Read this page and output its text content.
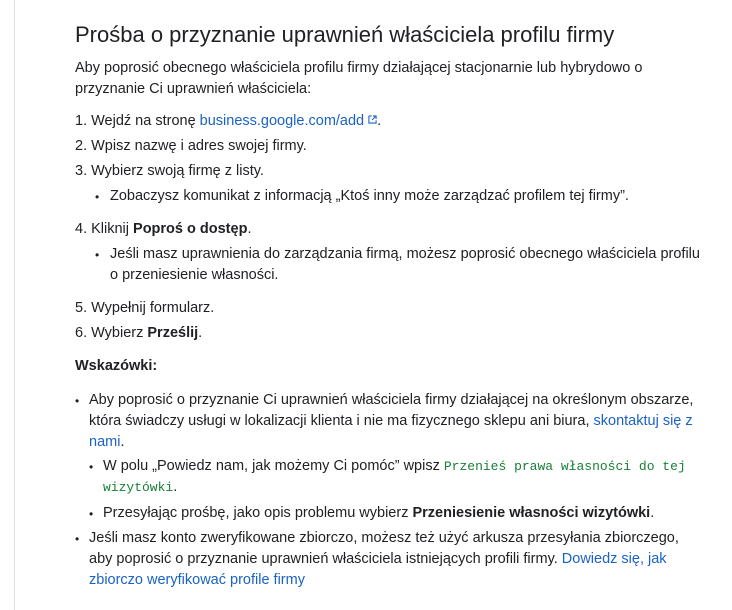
Prośba o przyznanie uprawnień właściciela profilu firmy
Aby poprosić obecnego właściciela profilu firmy działającej stacjonarnie lub hybrydowo o przyznanie Ci uprawnień właściciela:
1. Wejdź na stronę business.google.com/add .
2. Wpisz nazwę i adres swojej firmy.
3. Wybierz swoją firmę z listy.
• Zobaczysz komunikat z informacją „Ktoś inny może zarządzać profilem tej firmy”.
4. Kliknij Poproś o dostęp.
• Jeśli masz uprawnienia do zarządzania firmą, możesz poprosić obecnego właściciela profilu o przeniesienie własności.
5. Wypełnij formularz.
6. Wybierz Prześlij.
Wskazówki:
• Aby poprosić o przyznanie Ci uprawnień właściciela firmy działającej na określonym obszarze, która świadczy usługi w lokalizacji klienta i nie ma fizycznego sklepu ani biura, skontaktuj się z nami.
• W polu „Powiedz nam, jak możemy Ci pomóc” wpisz Przenieś prawa własności do tej wizytówki.
• Przesyłając prośbę, jako opis problemu wybierz Przeniesienie własności wizytówki.
• Jeśli masz konto zweryfikowane zbiorczo, możesz też użyć arkusza przesyłania zbiorczego, aby poprosić o przyznanie uprawnień właściciela istniejących profili firmy. Dowiedz się, jak zbiorczo weryfikować profile firmy
